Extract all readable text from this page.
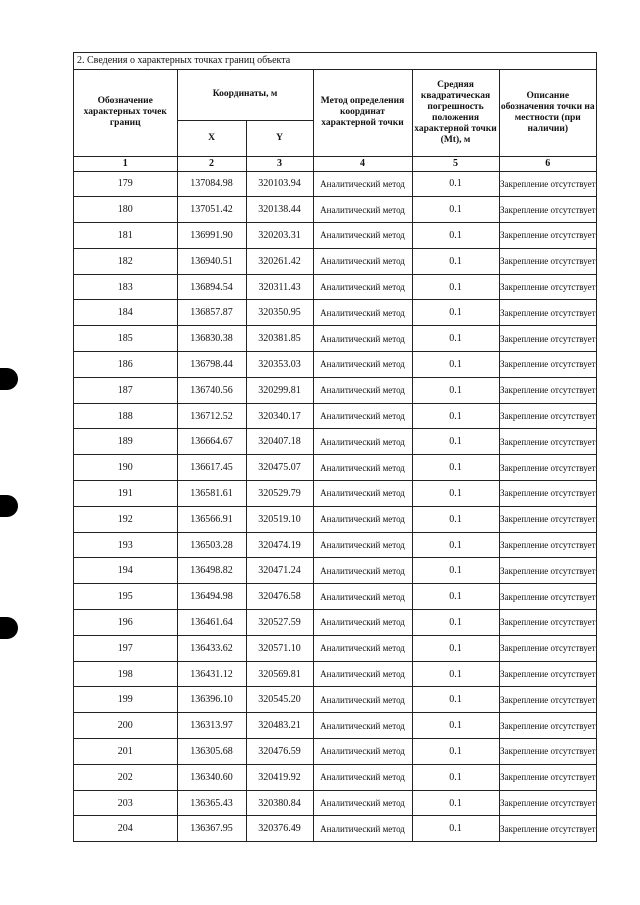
2. Сведения о характерных точках границ объекта
Обозначение характерных точек границ	Координаты, м		Метод определения координат характерной точки	Средняя квадратическая погрешность положения характерной точки (Mt), м	Описание обозначения точки на местности (при наличии)
	X	Y			
1	2	3	4	5	6
179	137084.98	320103.94	Аналитический метод	0.1	Закрепление отсутствует
180	137051.42	320138.44	Аналитический метод	0.1	Закрепление отсутствует
181	136991.90	320203.31	Аналитический метод	0.1	Закрепление отсутствует
182	136940.51	320261.42	Аналитический метод	0.1	Закрепление отсутствует
183	136894.54	320311.43	Аналитический метод	0.1	Закрепление отсутствует
184	136857.87	320350.95	Аналитический метод	0.1	Закрепление отсутствует
185	136830.38	320381.85	Аналитический метод	0.1	Закрепление отсутствует
186	136798.44	320353.03	Аналитический метод	0.1	Закрепление отсутствует
187	136740.56	320299.81	Аналитический метод	0.1	Закрепление отсутствует
188	136712.52	320340.17	Аналитический метод	0.1	Закрепление отсутствует
189	136664.67	320407.18	Аналитический метод	0.1	Закрепление отсутствует
190	136617.45	320475.07	Аналитический метод	0.1	Закрепление отсутствует
191	136581.61	320529.79	Аналитический метод	0.1	Закрепление отсутствует
192	136566.91	320519.10	Аналитический метод	0.1	Закрепление отсутствует
193	136503.28	320474.19	Аналитический метод	0.1	Закрепление отсутствует
194	136498.82	320471.24	Аналитический метод	0.1	Закрепление отсутствует
195	136494.98	320476.58	Аналитический метод	0.1	Закрепление отсутствует
196	136461.64	320527.59	Аналитический метод	0.1	Закрепление отсутствует
197	136433.62	320571.10	Аналитический метод	0.1	Закрепление отсутствует
198	136431.12	320569.81	Аналитический метод	0.1	Закрепление отсутствует
199	136396.10	320545.20	Аналитический метод	0.1	Закрепление отсутствует
200	136313.97	320483.21	Аналитический метод	0.1	Закрепление отсутствует
201	136305.68	320476.59	Аналитический метод	0.1	Закрепление отсутствует
202	136340.60	320419.92	Аналитический метод	0.1	Закрепление отсутствует
203	136365.43	320380.84	Аналитический метод	0.1	Закрепление отсутствует
204	136367.95	320376.49	Аналитический метод	0.1	Закрепление отсутствует
